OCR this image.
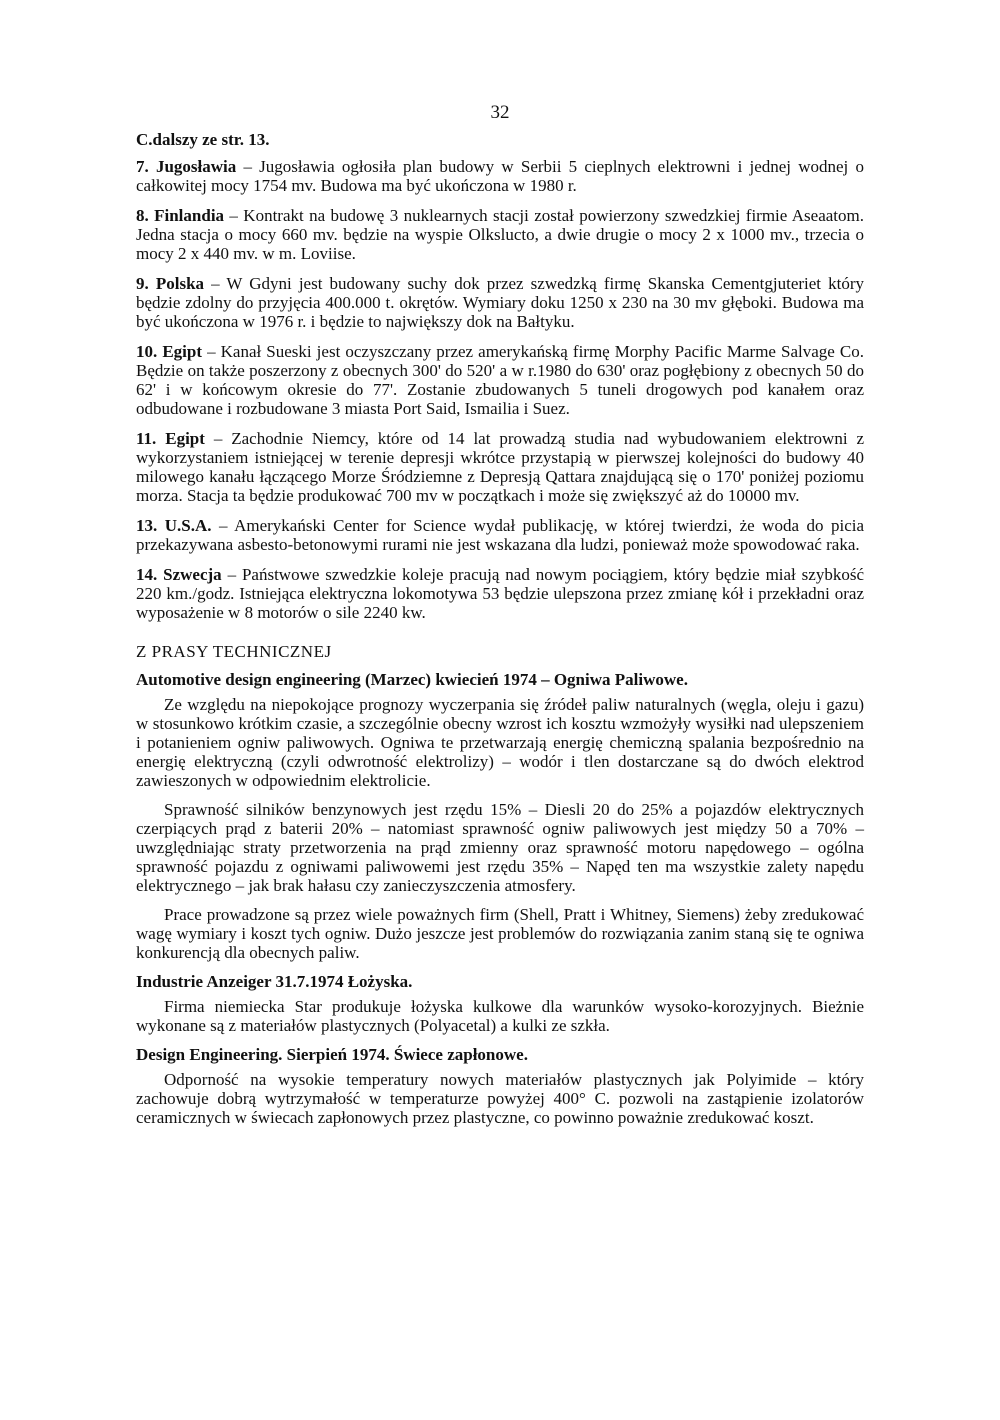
32

C.dalszy ze str. 13.

7. Jugosławia – Jugosławia ogłosiła plan budowy w Serbii 5 cieplnych elektrowni i jednej wodnej o całkowitej mocy 1754 mv. Budowa ma być ukończona w 1980 r.

8. Finlandia – Kontrakt na budowę 3 nuklearnych stacji został powierzony szwedzkiej firmie Aseaatom. Jedna stacja o mocy 660 mv. będzie na wyspie Olkslucto, a dwie drugie o mocy 2 x 1000 mv., trzecia o mocy 2 x 440 mv. w m. Loviise.

9. Polska – W Gdyni jest budowany suchy dok przez szwedzką firmę Skanska Cementgjuteriet który będzie zdolny do przyjęcia 400.000 t. okrętów. Wymiary doku 1250 x 230 na 30 mv głęboki. Budowa ma być ukończona w 1976 r. i będzie to największy dok na Bałtyku.

10. Egipt – Kanał Sueski jest oczyszczany przez amerykańską firmę Morphy Pacific Marme Salvage Co. Będzie on także poszerzony z obecnych 300' do 520' a w r.1980 do 630' oraz pogłębiony z obecnych 50 do 62' i w końcowym okresie do 77'. Zostanie zbudowanych 5 tuneli drogowych pod kanałem oraz odbudowane i rozbudowane 3 miasta Port Said, Ismailia i Suez.

11. Egipt – Zachodnie Niemcy, które od 14 lat prowadzą studia nad wybudowaniem elektrowni z wykorzystaniem istniejącej w terenie depresji wkrótce przystapią w pierwszej kolejności do budowy 40 milowego kanału łączącego Morze Śródziemne z Depresją Qattara znajdującą się o 170' poniżej poziomu morza. Stacja ta będzie produkować 700 mv w początkach i może się zwiększyć aż do 10000 mv.

13. U.S.A. – Amerykański Center for Science wydał publikację, w której twierdzi, że woda do picia przekazywana asbesto-betonowymi rurami nie jest wskazana dla ludzi, ponieważ może spowodować raka.

14. Szwecja – Państwowe szwedzkie koleje pracują nad nowym pociągiem, który będzie miał szybkość 220 km./godz. Istniejąca elektryczna lokomotywa 53 będzie ulepszona przez zmianę kół i przekładni oraz wyposażenie w 8 motorów o sile 2240 kw.

Z PRASY TECHNICZNEJ

Automotive design engineering (Marzec) kwiecień 1974 – Ogniwa Paliwowe.

Ze względu na niepokojące prognozy wyczerpania się źródeł paliw naturalnych (węgla, oleju i gazu) w stosunkowo krótkim czasie, a szczególnie obecny wzrost ich kosztu wzmożyły wysiłki nad ulepszeniem i potanieniem ogniw paliwowych. Ogniwa te przetwarzają energię chemiczną spalania bezpośrednio na energię elektryczną (czyli odwrotność elektrolizy) – wodór i tlen dostarczane są do dwóch elektrod zawieszonych w odpowiednim elektrolicie.

Sprawność silników benzynowych jest rzędu 15% – Diesli 20 do 25% a pojazdów elektrycznych czerpiących prąd z baterii 20% – natomiast sprawność ogniw paliwowych jest między 50 a 70% – uwzględniając straty przetworzenia na prąd zmienny oraz sprawność motoru napędowego – ogólna sprawność pojazdu z ogniwami paliwowemi jest rzędu 35% – Napęd ten ma wszystkie zalety napędu elektrycznego – jak brak hałasu czy zanieczyszczenia atmosfery.

Prace prowadzone są przez wiele poważnych firm (Shell, Pratt i Whitney, Siemens) żeby zredukować wagę wymiary i koszt tych ogniw. Dużo jeszcze jest problemów do rozwiązania zanim staną się te ogniwa konkurencją dla obecnych paliw.

Industrie Anzeiger 31.7.1974 Łożyska.

Firma niemiecka Star produkuje łożyska kulkowe dla warunków wysoko-korozyjnych. Bieżnie wykonane są z materiałów plastycznych (Polyacetal) a kulki ze szkła.

Design Engineering. Sierpień 1974. Świece zapłonowe.

Odporność na wysokie temperatury nowych materiałów plastycznych jak Polyimide – który zachowuje dobrą wytrzymałość w temperaturze powyżej 400° C. pozwoli na zastąpienie izolatorów ceramicznych w świecach zapłonowych przez plastyczne, co powinno poważnie zredukować koszt.
